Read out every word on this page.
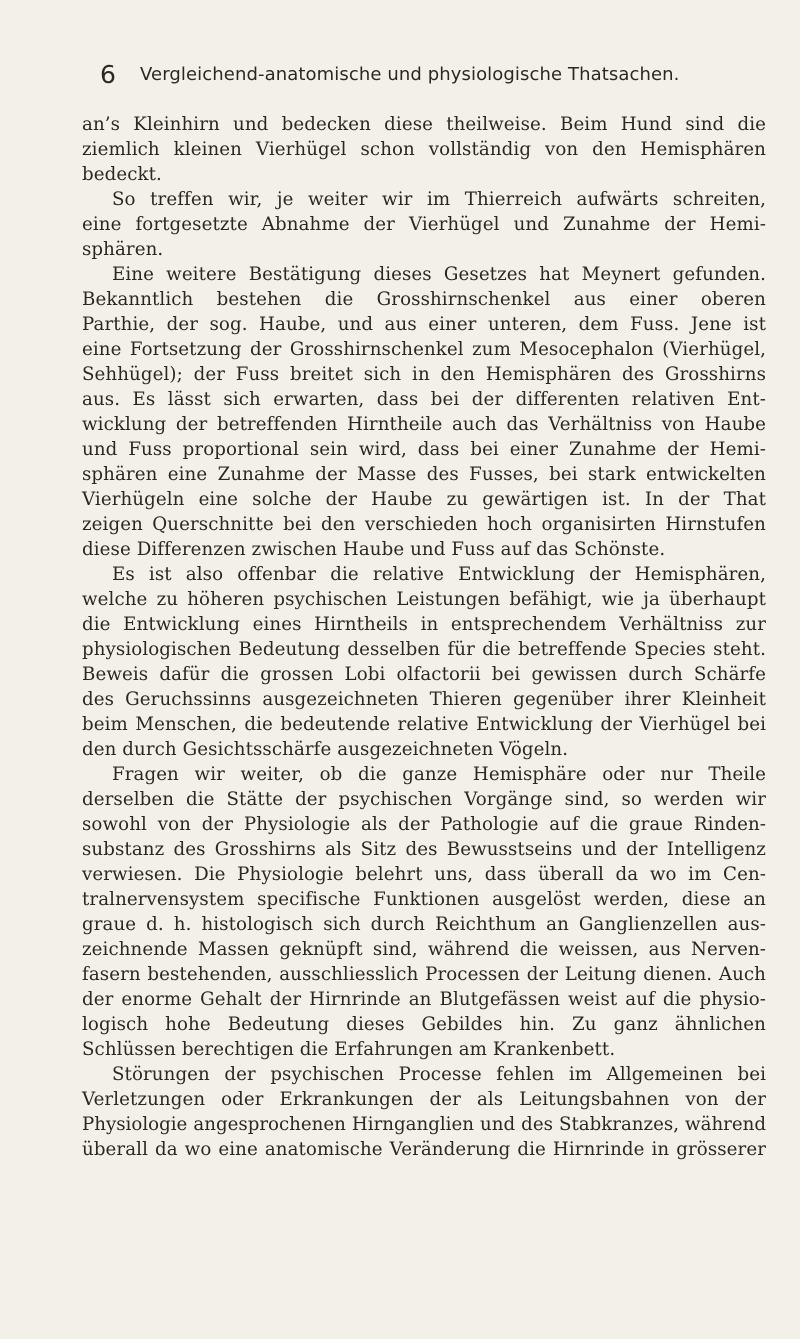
6 Vergleichend-anatomische und physiologische Thatsachen.
an’s Kleinhirn und bedecken diese theilweise. Beim Hund sind die
ziemlich kleinen Vierhügel schon vollständig von den Hemisphären
bedeckt.
So treffen wir, je weiter wir im Thierreich aufwärts schreiten,
eine fortgesetzte Abnahme der Vierhügel und Zunahme der Hemi-
sphären.
Eine weitere Bestätigung dieses Gesetzes hat Meynert gefunden.
Bekanntlich bestehen die Grosshirnschenkel aus einer oberen
Parthie, der sog. Haube, und aus einer unteren, dem Fuss. Jene ist
eine Fortsetzung der Grosshirnschenkel zum Mesocephalon (Vierhügel,
Sehhügel); der Fuss breitet sich in den Hemisphären des Grosshirns
aus. Es lässt sich erwarten, dass bei der differenten relativen Ent-
wicklung der betreffenden Hirntheile auch das Verhältniss von Haube
und Fuss proportional sein wird, dass bei einer Zunahme der Hemi-
sphären eine Zunahme der Masse des Fusses, bei stark entwickelten
Vierhügeln eine solche der Haube zu gewärtigen ist. In der That
zeigen Querschnitte bei den verschieden hoch organisirten Hirnstufen
diese Differenzen zwischen Haube und Fuss auf das Schönste.
Es ist also offenbar die relative Entwicklung der Hemisphären,
welche zu höheren psychischen Leistungen befähigt, wie ja überhaupt
die Entwicklung eines Hirntheils in entsprechendem Verhältniss zur
physiologischen Bedeutung desselben für die betreffende Species steht.
Beweis dafür die grossen Lobi olfactorii bei gewissen durch Schärfe
des Geruchssinns ausgezeichneten Thieren gegenüber ihrer Kleinheit
beim Menschen, die bedeutende relative Entwicklung der Vierhügel bei
den durch Gesichtsschärfe ausgezeichneten Vögeln.
Fragen wir weiter, ob die ganze Hemisphäre oder nur Theile
derselben die Stätte der psychischen Vorgänge sind, so werden wir
sowohl von der Physiologie als der Pathologie auf die graue Rinden-
substanz des Grosshirns als Sitz des Bewusstseins und der Intelligenz
verwiesen. Die Physiologie belehrt uns, dass überall da wo im Cen-
tralnervensystem specifische Funktionen ausgelöst werden, diese an
graue d. h. histologisch sich durch Reichthum an Ganglienzellen aus-
zeichnende Massen geknüpft sind, während die weissen, aus Nerven-
fasern bestehenden, ausschliesslich Processen der Leitung dienen. Auch
der enorme Gehalt der Hirnrinde an Blutgefässen weist auf die physio-
logisch hohe Bedeutung dieses Gebildes hin. Zu ganz ähnlichen
Schlüssen berechtigen die Erfahrungen am Krankenbett.
Störungen der psychischen Processe fehlen im Allgemeinen bei
Verletzungen oder Erkrankungen der als Leitungsbahnen von der
Physiologie angesprochenen Hirnganglien und des Stabkranzes, während
überall da wo eine anatomische Veränderung die Hirnrinde in grösserer
